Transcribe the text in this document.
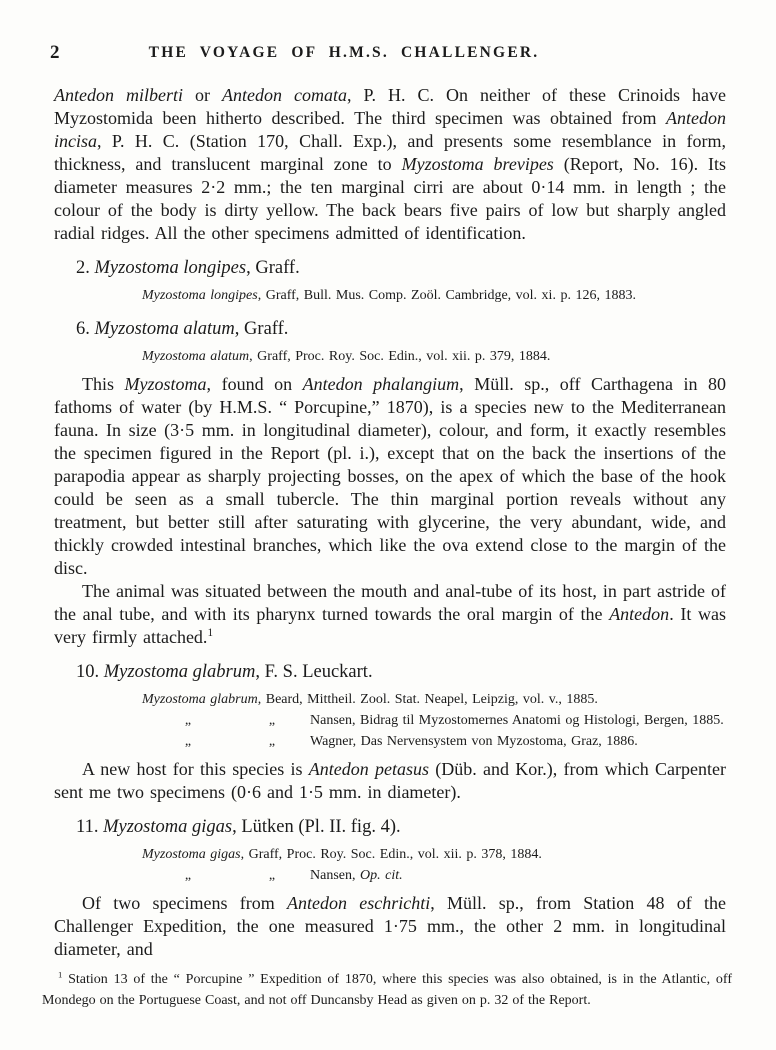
2	THE VOYAGE OF H.M.S. CHALLENGER.

Antedon milberti or Antedon comata, P. H. C. On neither of these Crinoids have Myzostomida been hitherto described. The third specimen was obtained from Antedon incisa, P. H. C. (Station 170, Chall. Exp.), and presents some resemblance in form, thickness, and translucent marginal zone to Myzostoma brevipes (Report, No. 16). Its diameter measures 2·2 mm.; the ten marginal cirri are about 0·14 mm. in length ; the colour of the body is dirty yellow. The back bears five pairs of low but sharply angled radial ridges. All the other specimens admitted of identification.

2. Myzostoma longipes, Graff.

Myzostoma longipes, Graff, Bull. Mus. Comp. Zoöl. Cambridge, vol. xi. p. 126, 1883.

6. Myzostoma alatum, Graff.

Myzostoma alatum, Graff, Proc. Roy. Soc. Edin., vol. xii. p. 379, 1884.

This Myzostoma, found on Antedon phalangium, Müll. sp., off Carthagena in 80 fathoms of water (by H.M.S. “ Porcupine,” 1870), is a species new to the Mediterranean fauna. In size (3·5 mm. in longitudinal diameter), colour, and form, it exactly resembles the specimen figured in the Report (pl. i.), except that on the back the insertions of the parapodia appear as sharply projecting bosses, on the apex of which the base of the hook could be seen as a small tubercle. The thin marginal portion reveals without any treatment, but better still after saturating with glycerine, the very abundant, wide, and thickly crowded intestinal branches, which like the ova extend close to the margin of the disc.

The animal was situated between the mouth and anal-tube of its host, in part astride of the anal tube, and with its pharynx turned towards the oral margin of the Antedon. It was very firmly attached.$^1$

10. Myzostoma glabrum, F. S. Leuckart.

Myzostoma glabrum, Beard, Mittheil. Zool. Stat. Neapel, Leipzig, vol. v., 1885.
„	„ Nansen, Bidrag til Myzostomernes Anatomi og Histologi, Bergen, 1885.
„	„ Wagner, Das Nervensystem von Myzostoma, Graz, 1886.

A new host for this species is Antedon petasus (Düb. and Kor.), from which Carpenter sent me two specimens (0·6 and 1·5 mm. in diameter).

11. Myzostoma gigas, Lütken (Pl. II. fig. 4).

Myzostoma gigas, Graff, Proc. Roy. Soc. Edin., vol. xii. p. 378, 1884.
„	„ Nansen, Op. cit.

Of two specimens from Antedon eschrichti, Müll. sp., from Station 48 of the Challenger Expedition, the one measured 1·75 mm., the other 2 mm. in longitudinal diameter, and

$^1$ Station 13 of the “ Porcupine ” Expedition of 1870, where this species was also obtained, is in the Atlantic, off Mondego on the Portuguese Coast, and not off Duncansby Head as given on p. 32 of the Report.
